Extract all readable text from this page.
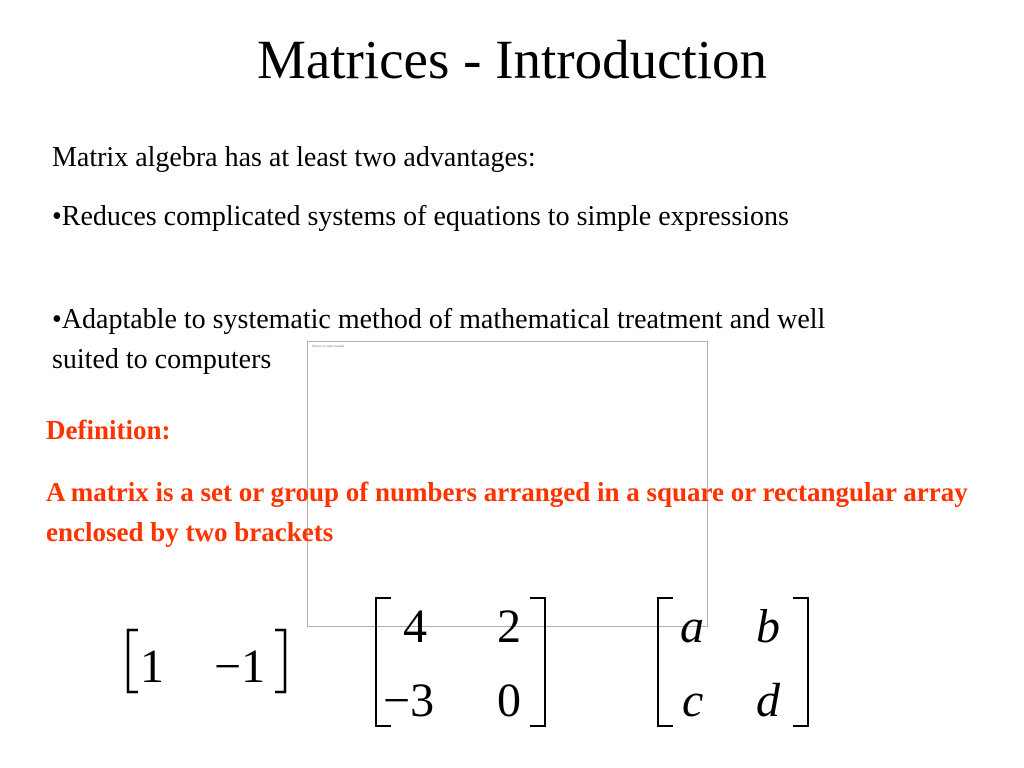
Matrices - Introduction

Matrix algebra has at least two advantages:

•Reduces complicated systems of equations to simple expressions

•Adaptable to systematic method of mathematical treatment and well suited to computers	Picture of matrix bracket

Definition:

A matrix is a set or group of numbers arranged in a square or rectangular array enclosed by two brackets

1 −1
4 2
−3 0
a b
c d
